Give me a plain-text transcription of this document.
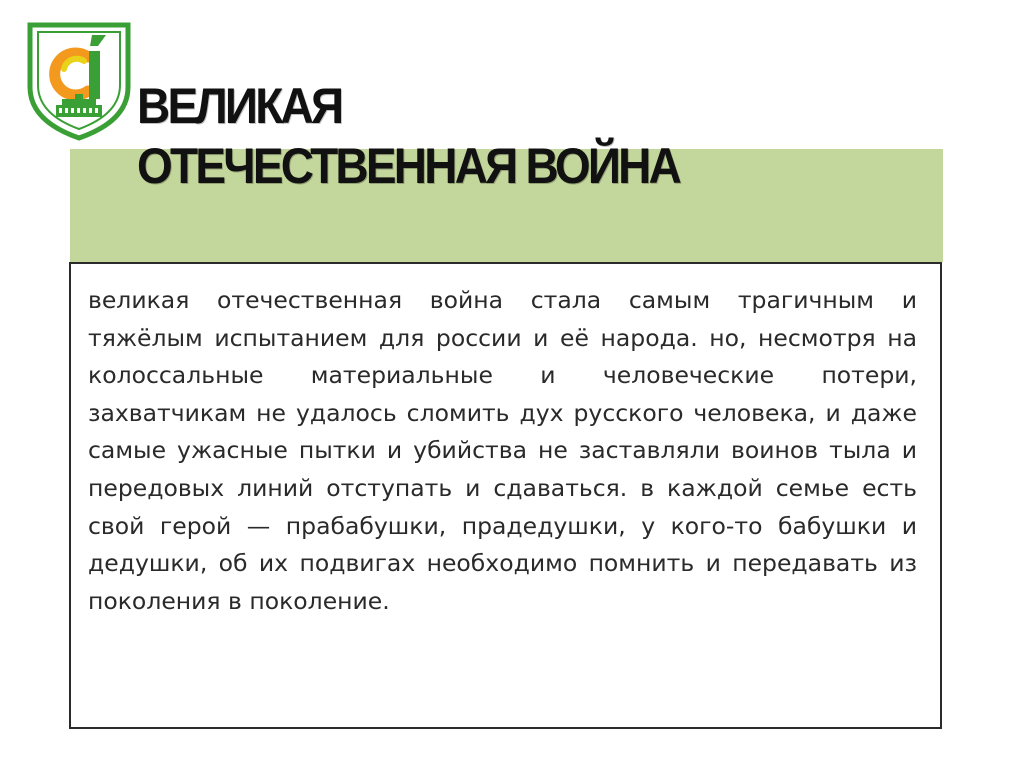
ВЕЛИКАЯ
ОТЕЧЕСТВЕННАЯ ВОЙНА

великая отечественная война стала самым трагичным и тяжёлым испытанием для россии и её народа. но, несмотря на колоссальные материальные и человеческие потери, захватчикам не удалось сломить дух русского человека, и даже самые ужасные пытки и убийства не заставляли воинов тыла и передовых линий отступать и сдаваться. в каждой семье есть свой герой — прабабушки, прадедушки, у кого-то бабушки и дедушки, об их подвигах необходимо помнить и передавать из поколения в поколение.
